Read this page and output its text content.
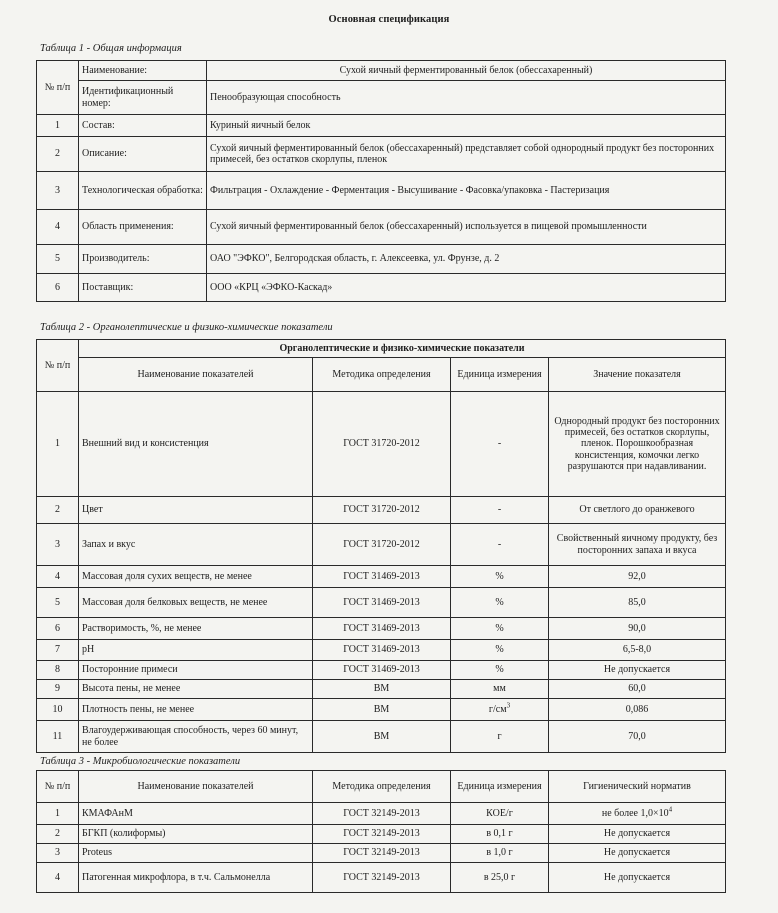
Основная спецификация
Таблица 1 - Общая информация
№ п/п	Наименование:	Сухой яичный ферментированный белок (обессахаренный)
	Идентификационный номер:	Пенообразующая способность
1	Состав:	Куриный яичный белок
2	Описание:	Сухой яичный ферментированный белок (обессахаренный) представляет собой однородный продукт без посторонних примесей, без остатков скорлупы, пленок
3	Технологическая обработка:	Фильтрация - Охлаждение - Ферментация - Высушивание - Фасовка/упаковка - Пастеризация
4	Область применения:	Сухой яичный ферментированный белок (обессахаренный) используется в пищевой промышленности
5	Производитель:	ОАО "ЭФКО", Белгородская область, г. Алексеевка, ул. Фрунзе, д. 2
6	Поставщик:	ООО «КРЦ «ЭФКО-Каскад»
Таблица 2 - Органолептические и физико-химические показатели
№ п/п	Органолептические и физико-химические показатели			
	Наименование показателей	Методика определения	Единица измерения	Значение показателя
1	Внешний вид и консистенция	ГОСТ 31720-2012	-	Однородный продукт без посторонних примесей, без остатков скорлупы, пленок. Порошкообразная консистенция, комочки легко разрушаются при надавливании.
2	Цвет	ГОСТ 31720-2012	-	От светлого до оранжевого
3	Запах и вкус	ГОСТ 31720-2012	-	Свойственный яичному продукту, без посторонних запаха и вкуса
4	Массовая доля сухих веществ, не менее	ГОСТ 31469-2013	%	92,0
5	Массовая доля белковых веществ, не менее	ГОСТ 31469-2013	%	85,0
6	Растворимость, %, не менее	ГОСТ 31469-2013	%	90,0
7	pH	ГОСТ 31469-2013	%	6,5-8,0
8	Посторонние примеси	ГОСТ 31469-2013	%	Не допускается
9	Высота пены, не менее	ВМ	мм	60,0
10	Плотность пены, не менее	ВМ	$г/см^3$	0,086
11	Влагоудерживающая способность, через 60 минут, не более	ВМ	г	70,0
Таблица 3 - Микробиологические показатели
№ п/п	Наименование показателей	Методика определения	Единица измерения	Гигиенический норматив
1	КМАФАнМ	ГОСТ 32149-2013	КОЕ/г	не более $1,0\times 10^4$
2	БГКП (колиформы)	ГОСТ 32149-2013	в 0,1 г	Не допускается
3	Proteus	ГОСТ 32149-2013	в 1,0 г	Не допускается
4	Патогенная микрофлора, в т.ч. Сальмонелла	ГОСТ 32149-2013	в 25,0 г	Не допускается
